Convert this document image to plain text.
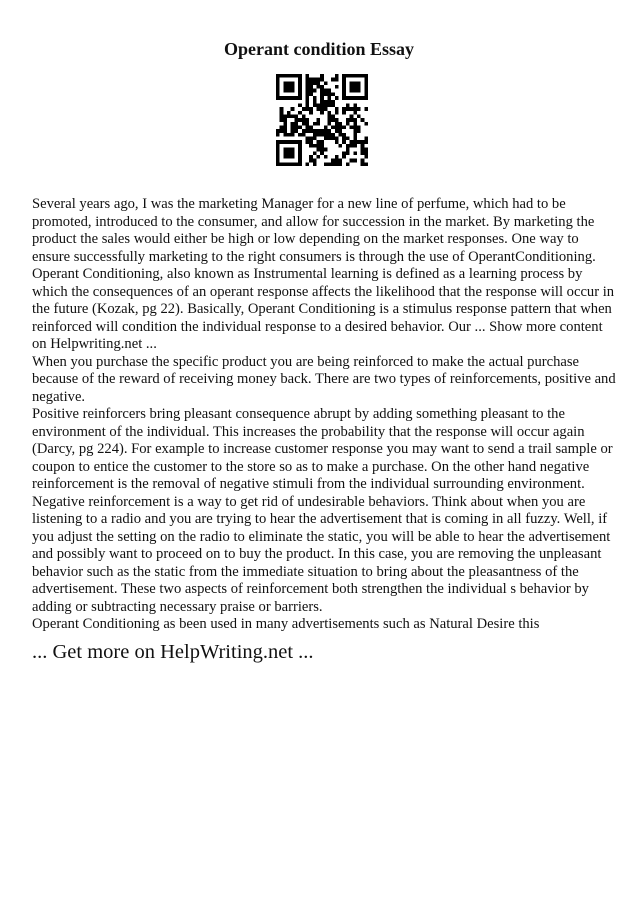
Operant condition Essay
Several years ago, I was the marketing Manager for a new line of perfume, which had to be
promoted, introduced to the consumer, and allow for succession in the market. By marketing the
product the sales would either be high or low depending on the market responses. One way to
ensure successfully marketing to the right consumers is through the use of OperantConditioning.
Operant Conditioning, also known as Instrumental learning is defined as a learning process by
which the consequences of an operant response affects the likelihood that the response will occur in
the future (Kozak, pg 22). Basically, Operant Conditioning is a stimulus response pattern that when
reinforced will condition the individual response to a desired behavior. Our ... Show more content
on Helpwriting.net ...
When you purchase the specific product you are being reinforced to make the actual purchase
because of the reward of receiving money back. There are two types of reinforcements, positive and
negative.
Positive reinforcers bring pleasant consequence abrupt by adding something pleasant to the
environment of the individual. This increases the probability that the response will occur again
(Darcy, pg 224). For example to increase customer response you may want to send a trail sample or
coupon to entice the customer to the store so as to make a purchase. On the other hand negative
reinforcement is the removal of negative stimuli from the individual surrounding environment.
Negative reinforcement is a way to get rid of undesirable behaviors. Think about when you are
listening to a radio and you are trying to hear the advertisement that is coming in all fuzzy. Well, if
you adjust the setting on the radio to eliminate the static, you will be able to hear the advertisement
and possibly want to proceed on to buy the product. In this case, you are removing the unpleasant
behavior such as the static from the immediate situation to bring about the pleasantness of the
advertisement. These two aspects of reinforcement both strengthen the individual s behavior by
adding or subtracting necessary praise or barriers.
Operant Conditioning as been used in many advertisements such as Natural Desire this
... Get more on HelpWriting.net ...
